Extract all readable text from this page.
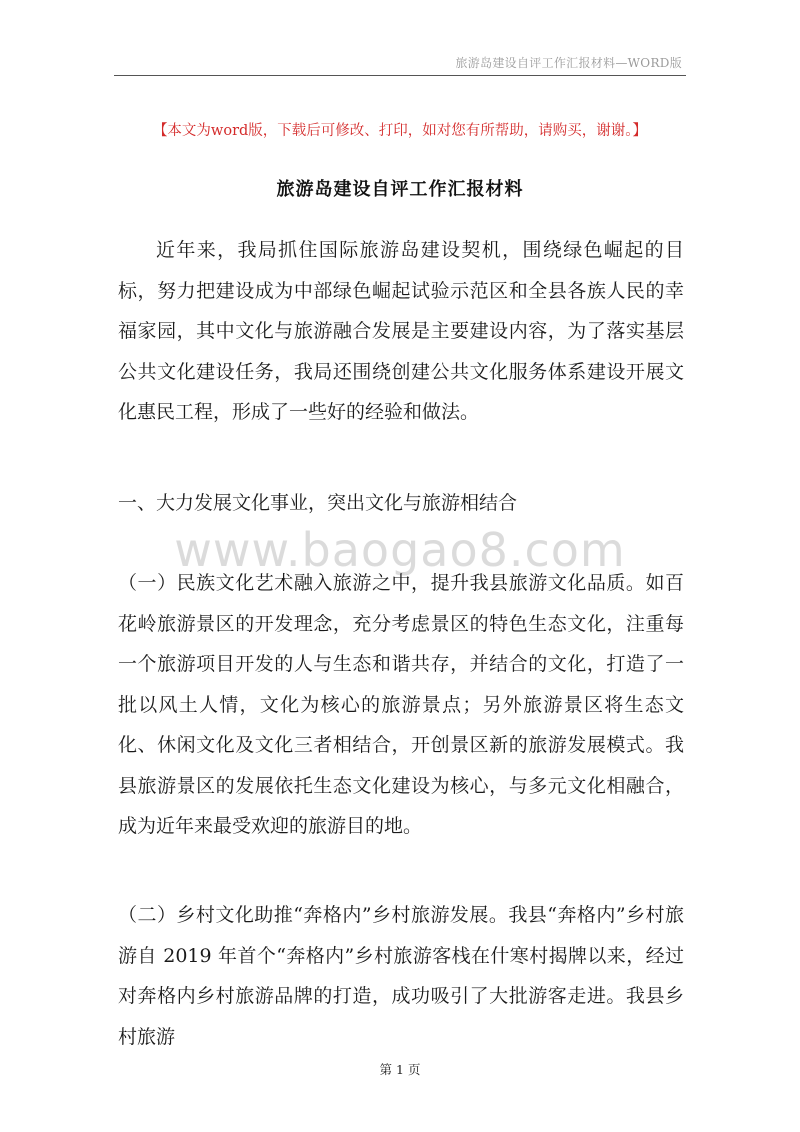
旅游岛建设自评工作汇报材料—WORD版
【本文为word版，下载后可修改、打印，如对您有所帮助，请购买，谢谢。】
旅游岛建设自评工作汇报材料

近年来，我局抓住国际旅游岛建设契机，围绕绿色崛起的目标，努力把建设成为中部绿色崛起试验示范区和全县各族人民的幸福家园，其中文化与旅游融合发展是主要建设内容，为了落实基层公共文化建设任务，我局还围绕创建公共文化服务体系建设开展文化惠民工程，形成了一些好的经验和做法。

一、大力发展文化事业，突出文化与旅游相结合

www.baogao8.com

（一）民族文化艺术融入旅游之中，提升我县旅游文化品质。如百花岭旅游景区的开发理念，充分考虑景区的特色生态文化，注重每一个旅游项目开发的人与生态和谐共存，并结合的文化，打造了一批以风土人情，文化为核心的旅游景点；另外旅游景区将生态文化、休闲文化及文化三者相结合，开创景区新的旅游发展模式。我县旅游景区的发展依托生态文化建设为核心，与多元文化相融合，成为近年来最受欢迎的旅游目的地。

（二）乡村文化助推“奔格内”乡村旅游发展。我县“奔格内”乡村旅游自 2019 年首个“奔格内”乡村旅游客栈在什寒村揭牌以来，经过对奔格内乡村旅游品牌的打造，成功吸引了大批游客走进。我县乡村旅游

第 1 页
